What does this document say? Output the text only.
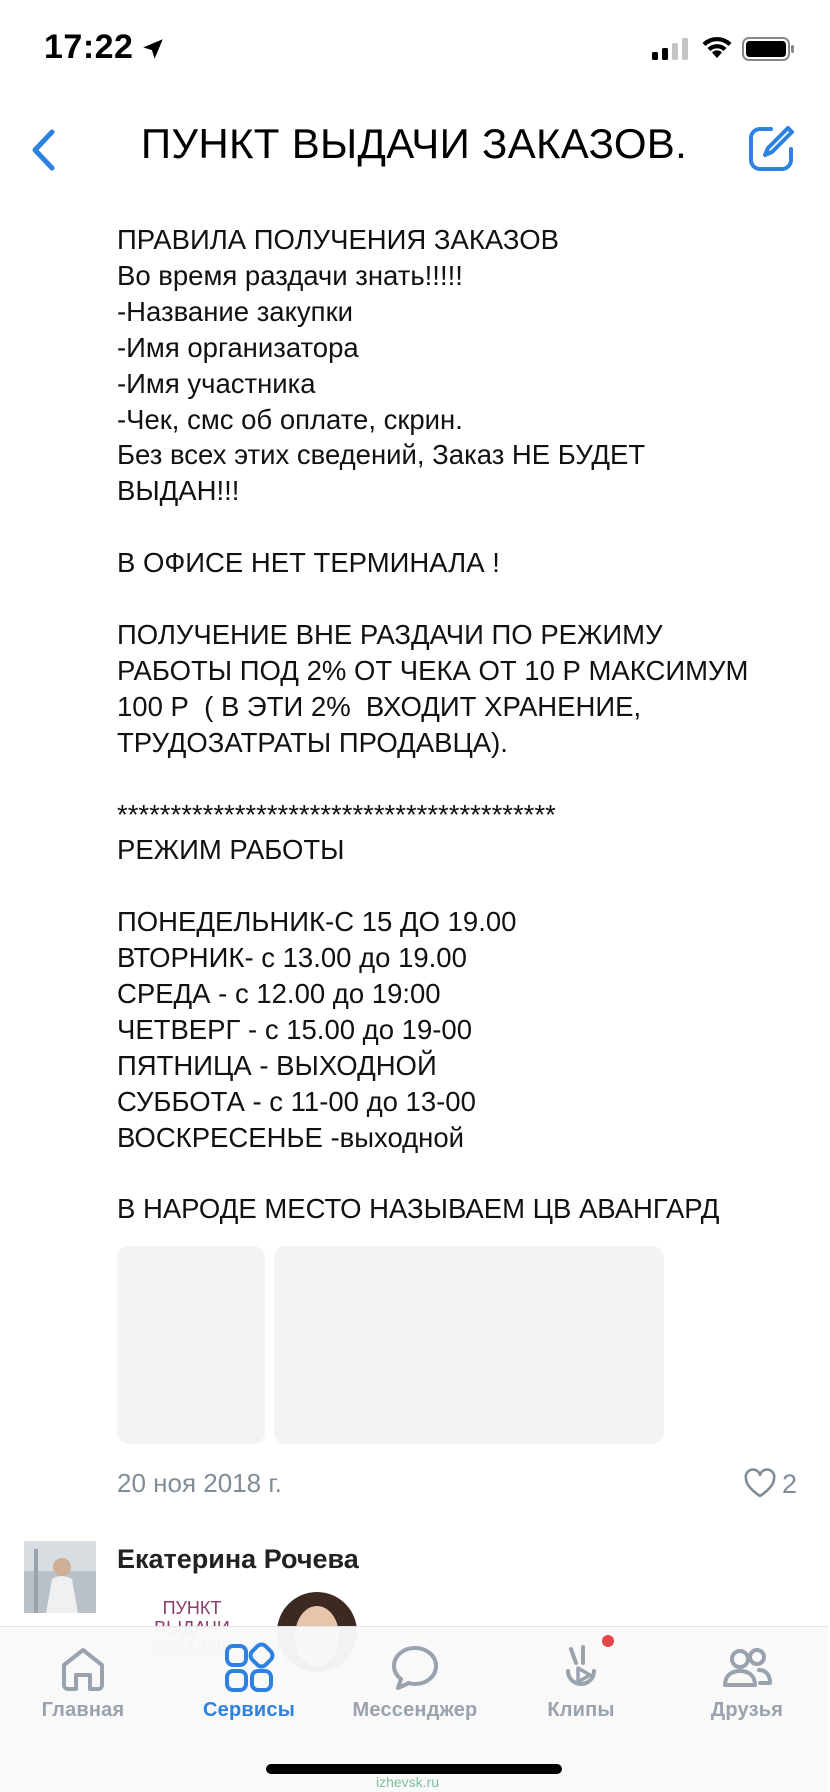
17:22
ПУНКТ ВЫДАЧИ ЗАКАЗОВ.
ПРАВИЛА ПОЛУЧЕНИЯ ЗАКАЗОВ
Во время раздачи знать!!!!!
-Название закупки
-Имя организатора
-Имя участника
-Чек, смс об оплате, скрин.
Без всех этих сведений, Заказ НЕ БУДЕТ
ВЫДАН!!!

В ОФИСЕ НЕТ ТЕРМИНАЛА !

ПОЛУЧЕНИЕ ВНЕ РАЗДАЧИ ПО РЕЖИМУ
РАБОТЫ ПОД 2% ОТ ЧЕКА ОТ 10 Р МАКСИМУМ
100 Р  ( В ЭТИ 2%  ВХОДИТ ХРАНЕНИЕ,
ТРУДОЗАТРАТЫ ПРОДАВЦА).

*****************************************
РЕЖИМ РАБОТЫ

ПОНЕДЕЛЬНИК-С 15 ДО 19.00
ВТОРНИК- с 13.00 до 19.00
СРЕДА - с 12.00 до 19:00
ЧЕТВЕРГ - с 15.00 до 19-00
ПЯТНИЦА - ВЫХОДНОЙ
СУББОТА - с 11-00 до 13-00
ВОСКРЕСЕНЬЕ -выходной

В НАРОДЕ МЕСТО НАЗЫВАЕМ ЦВ АВАНГАРД
20 ноя 2018 г.	2
Екатерина Рочева
ПУНКТ
Главная	Сервисы	Мессенджер	Клипы	Друзья
izhevsk.ru
